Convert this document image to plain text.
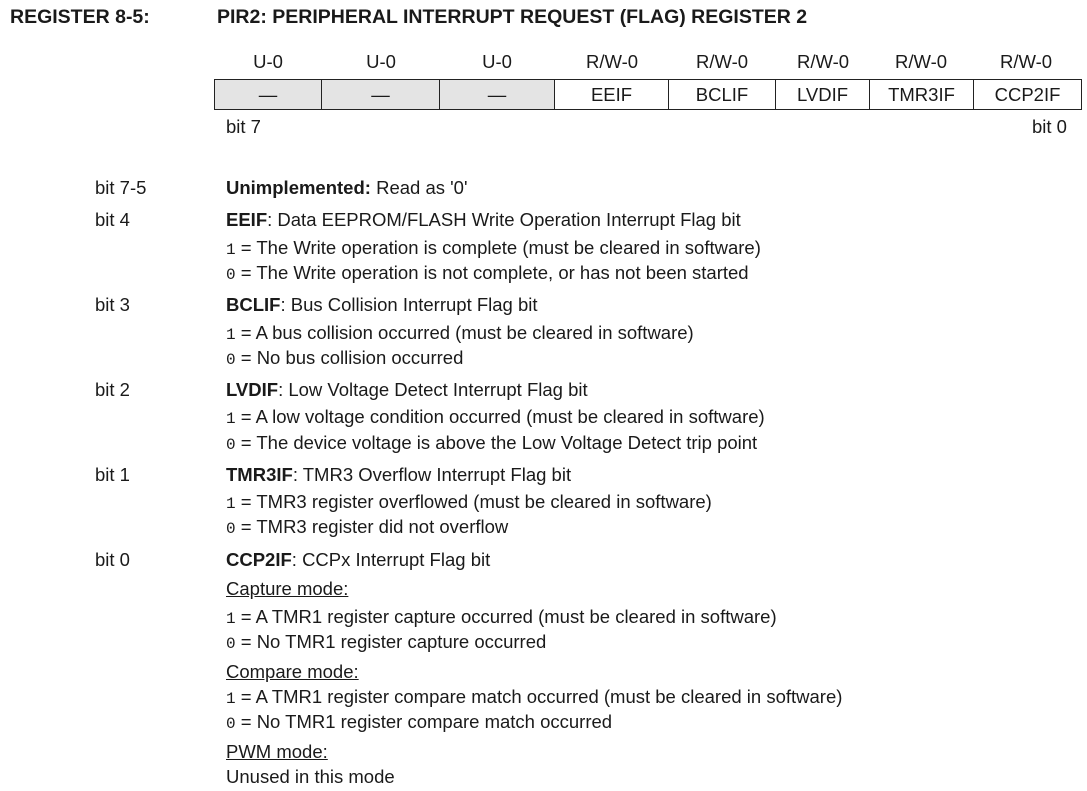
REGISTER 8-5:	PIR2: PERIPHERAL INTERRUPT REQUEST (FLAG) REGISTER 2
U-0	U-0	U-0	R/W-0	R/W-0	R/W-0	R/W-0	R/W-0
—	—	—	EEIF	BCLIF	LVDIF	TMR3IF	CCP2IF
bit 7	bit 0
bit 7-5	Unimplemented: Read as '0'
bit 4	EEIF: Data EEPROM/FLASH Write Operation Interrupt Flag bit
1 = The Write operation is complete (must be cleared in software)
0 = The Write operation is not complete, or has not been started
bit 3	BCLIF: Bus Collision Interrupt Flag bit
1 = A bus collision occurred (must be cleared in software)
0 = No bus collision occurred
bit 2	LVDIF: Low Voltage Detect Interrupt Flag bit
1 = A low voltage condition occurred (must be cleared in software)
0 = The device voltage is above the Low Voltage Detect trip point
bit 1	TMR3IF: TMR3 Overflow Interrupt Flag bit
1 = TMR3 register overflowed (must be cleared in software)
0 = TMR3 register did not overflow
bit 0	CCP2IF: CCPx Interrupt Flag bit
Capture mode:
1 = A TMR1 register capture occurred (must be cleared in software)
0 = No TMR1 register capture occurred
Compare mode:
1 = A TMR1 register compare match occurred (must be cleared in software)
0 = No TMR1 register compare match occurred
PWM mode:
Unused in this mode
